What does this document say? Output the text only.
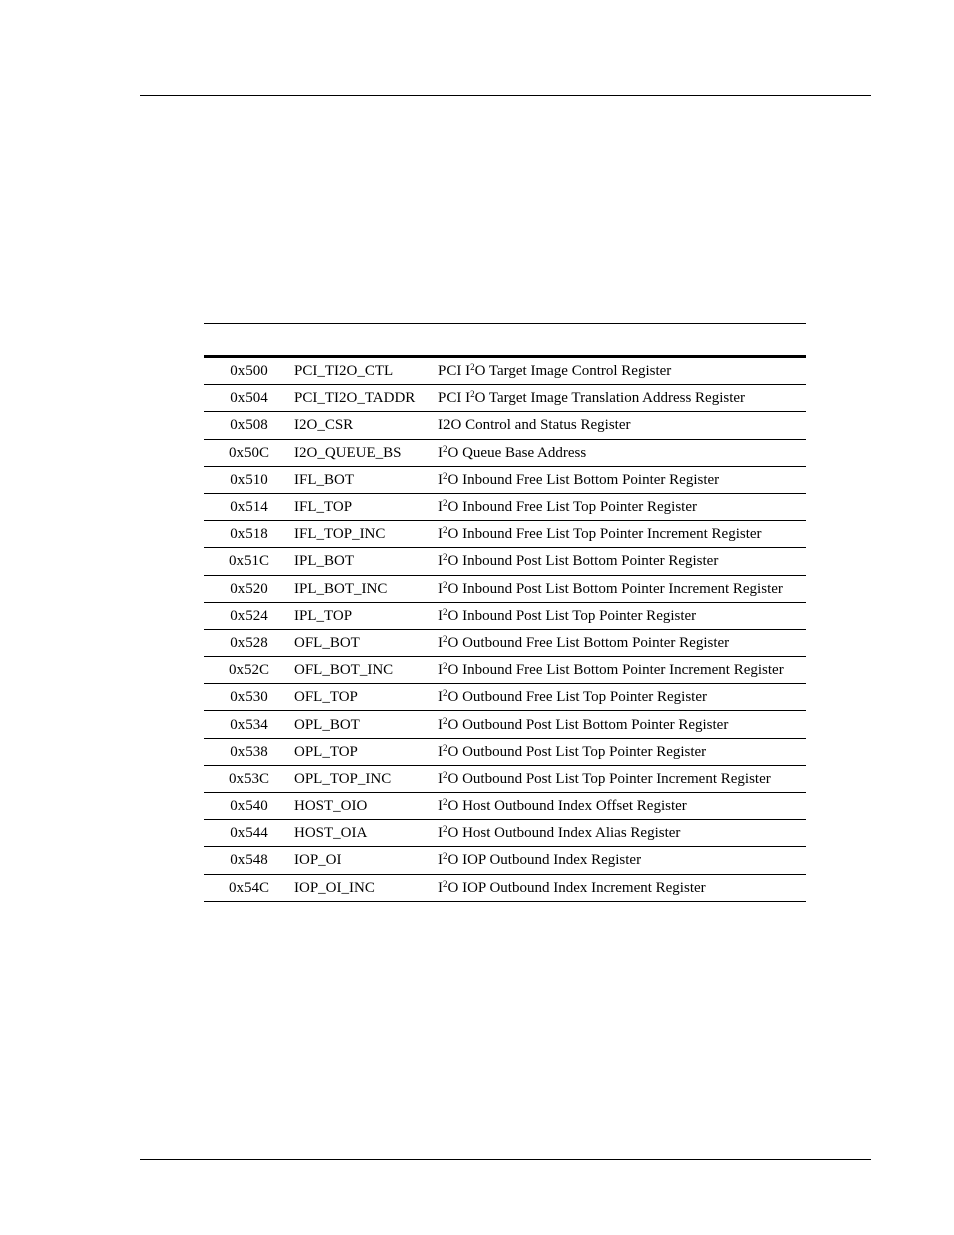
0x500	PCI_TI2O_CTL	PCI $I^2O$ Target Image Control Register
0x504	PCI_TI2O_TADDR	PCI $I^2O$ Target Image Translation Address Register
0x508	I2O_CSR	I2O Control and Status Register
0x50C	I2O_QUEUE_BS	$I^2O$ Queue Base Address
0x510	IFL_BOT	$I^2O$ Inbound Free List Bottom Pointer Register
0x514	IFL_TOP	$I^2O$ Inbound Free List Top Pointer Register
0x518	IFL_TOP_INC	$I^2O$ Inbound Free List Top Pointer Increment Register
0x51C	IPL_BOT	$I^2O$ Inbound Post List Bottom Pointer Register
0x520	IPL_BOT_INC	$I^2O$ Inbound Post List Bottom Pointer Increment Register
0x524	IPL_TOP	$I^2O$ Inbound Post List Top Pointer Register
0x528	OFL_BOT	$I^2O$ Outbound Free List Bottom Pointer Register
0x52C	OFL_BOT_INC	$I^2O$ Inbound Free List Bottom Pointer Increment Register
0x530	OFL_TOP	$I^2O$ Outbound Free List Top Pointer Register
0x534	OPL_BOT	$I^2O$ Outbound Post List Bottom Pointer Register
0x538	OPL_TOP	$I^2O$ Outbound Post List Top Pointer Register
0x53C	OPL_TOP_INC	$I^2O$ Outbound Post List Top Pointer Increment Register
0x540	HOST_OIO	$I^2O$ Host Outbound Index Offset Register
0x544	HOST_OIA	$I^2O$ Host Outbound Index Alias Register
0x548	IOP_OI	$I^2O$ IOP Outbound Index Register
0x54C	IOP_OI_INC	$I^2O$ IOP Outbound Index Increment Register
